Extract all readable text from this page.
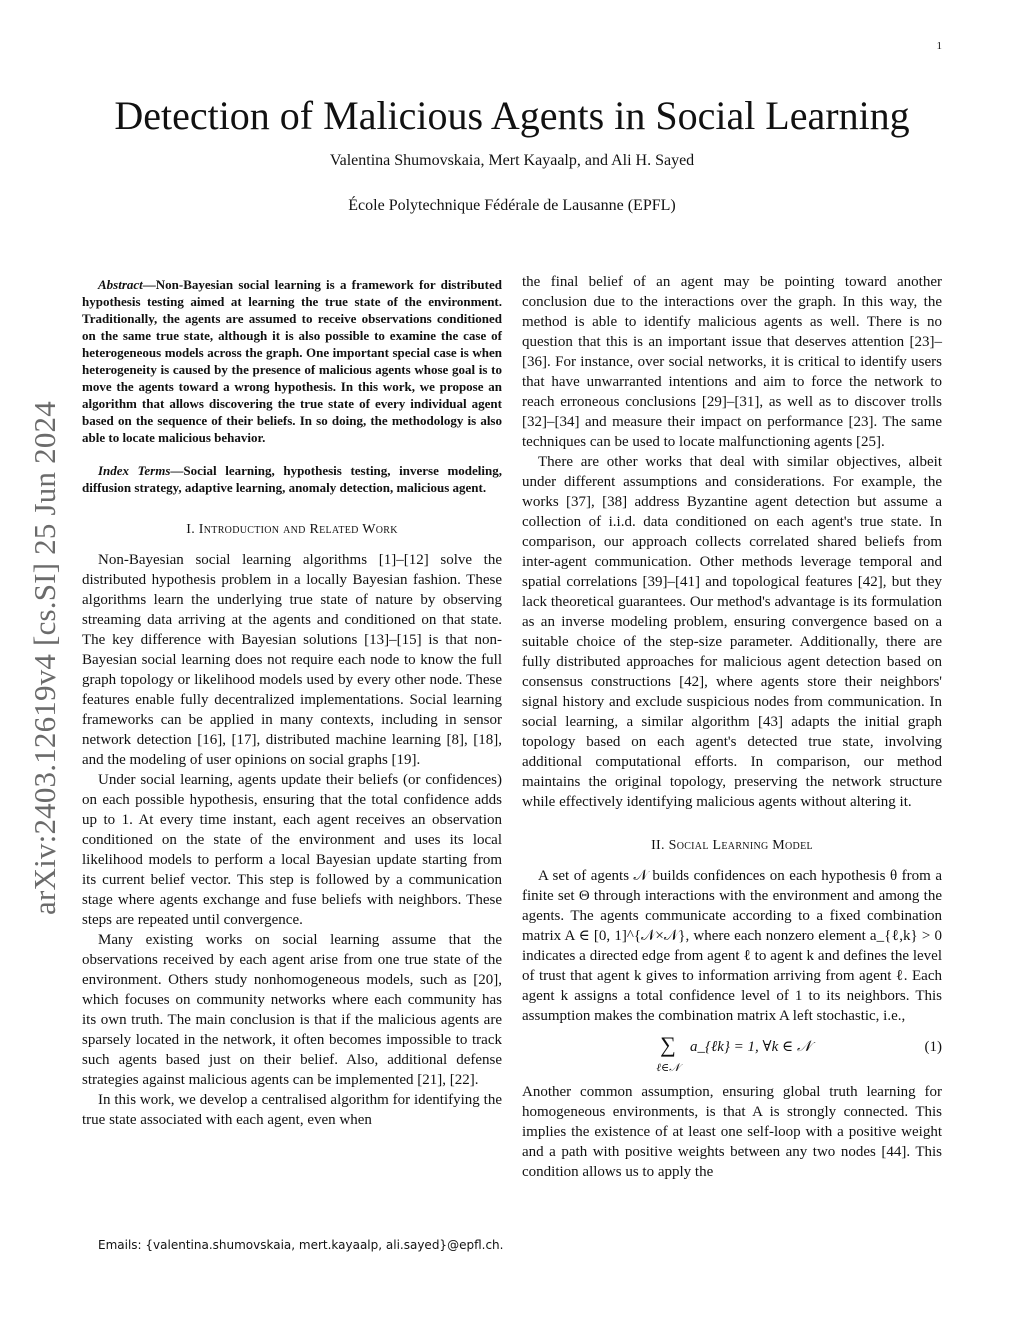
1
arXiv:2403.12619v4 [cs.SI] 25 Jun 2024
Detection of Malicious Agents in Social Learning
Valentina Shumovskaia, Mert Kayaalp, and Ali H. Sayed
École Polytechnique Fédérale de Lausanne (EPFL)

Abstract—Non-Bayesian social learning is a framework for distributed hypothesis testing aimed at learning the true state of the environment. Traditionally, the agents are assumed to receive observations conditioned on the same true state, although it is also possible to examine the case of heterogeneous models across the graph. One important special case is when heterogeneity is caused by the presence of malicious agents whose goal is to move the agents toward a wrong hypothesis. In this work, we propose an algorithm that allows discovering the true state of every individual agent based on the sequence of their beliefs. In so doing, the methodology is also able to locate malicious behavior.

Index Terms—Social learning, hypothesis testing, inverse modeling, diffusion strategy, adaptive learning, anomaly detection, malicious agent.

I. Introduction and Related Work

Non-Bayesian social learning algorithms [1]–[12] solve the distributed hypothesis problem in a locally Bayesian fashion. These algorithms learn the underlying true state of nature by observing streaming data arriving at the agents and conditioned on that state. The key difference with Bayesian solutions [13]–[15] is that non-Bayesian social learning does not require each node to know the full graph topology or likelihood models used by every other node. These features enable fully decentralized implementations. Social learning frameworks can be applied in many contexts, including in sensor network detection [16], [17], distributed machine learning [8], [18], and the modeling of user opinions on social graphs [19].

Under social learning, agents update their beliefs (or confidences) on each possible hypothesis, ensuring that the total confidence adds up to 1. At every time instant, each agent receives an observation conditioned on the state of the environment and uses its local likelihood models to perform a local Bayesian update starting from its current belief vector. This step is followed by a communication stage where agents exchange and fuse beliefs with neighbors. These steps are repeated until convergence.

Many existing works on social learning assume that the observations received by each agent arise from one true state of the environment. Others study nonhomogeneous models, such as [20], which focuses on community networks where each community has its own truth. The main conclusion is that if the malicious agents are sparsely located in the network, it often becomes impossible to track such agents based just on their belief. Also, additional defense strategies against malicious agents can be implemented [21], [22].

In this work, we develop a centralised algorithm for identifying the true state associated with each agent, even when

the final belief of an agent may be pointing toward another conclusion due to the interactions over the graph. In this way, the method is able to identify malicious agents as well. There is no question that this is an important issue that deserves attention [23]–[36]. For instance, over social networks, it is critical to identify users that have unwarranted intentions and aim to force the network to reach erroneous conclusions [29]–[31], as well as to discover trolls [32]–[34] and measure their impact on performance [23]. The same techniques can be used to locate malfunctioning agents [25].

There are other works that deal with similar objectives, albeit under different assumptions and considerations. For example, the works [37], [38] address Byzantine agent detection but assume a collection of i.i.d. data conditioned on each agent's true state. In comparison, our approach collects correlated shared beliefs from inter-agent communication. Other methods leverage temporal and spatial correlations [39]–[41] and topological features [42], but they lack theoretical guarantees. Our method's advantage is its formulation as an inverse modeling problem, ensuring convergence based on a suitable choice of the step-size parameter. Additionally, there are fully distributed approaches for malicious agent detection based on consensus constructions [42], where agents store their neighbors' signal history and exclude suspicious nodes from communication. In social learning, a similar algorithm [43] adapts the initial graph topology based on each agent's detected true state, involving additional computational efforts. In comparison, our method maintains the original topology, preserving the network structure while effectively identifying malicious agents without altering it.

II. Social Learning Model

A set of agents 𝒩 builds confidences on each hypothesis θ from a finite set Θ through interactions with the environment and among the agents. The agents communicate according to a fixed combination matrix A ∈ [0, 1]^{𝒩×𝒩}, where each nonzero element a_{ℓ,k} > 0 indicates a directed edge from agent ℓ to agent k and defines the level of trust that agent k gives to information arriving from agent ℓ. Each agent k assigns a total confidence level of 1 to its neighbors. This assumption makes the combination matrix A left stochastic, i.e.,

∑
ℓ∈𝒩
a_{ℓk} = 1, ∀k ∈ 𝒩	(1)

Another common assumption, ensuring global truth learning for homogeneous environments, is that A is strongly connected. This implies the existence of at least one self-loop with a positive weight and a path with positive weights between any two nodes [44]. This condition allows us to apply the

Emails: {valentina.shumovskaia, mert.kayaalp, ali.sayed}@epfl.ch.
